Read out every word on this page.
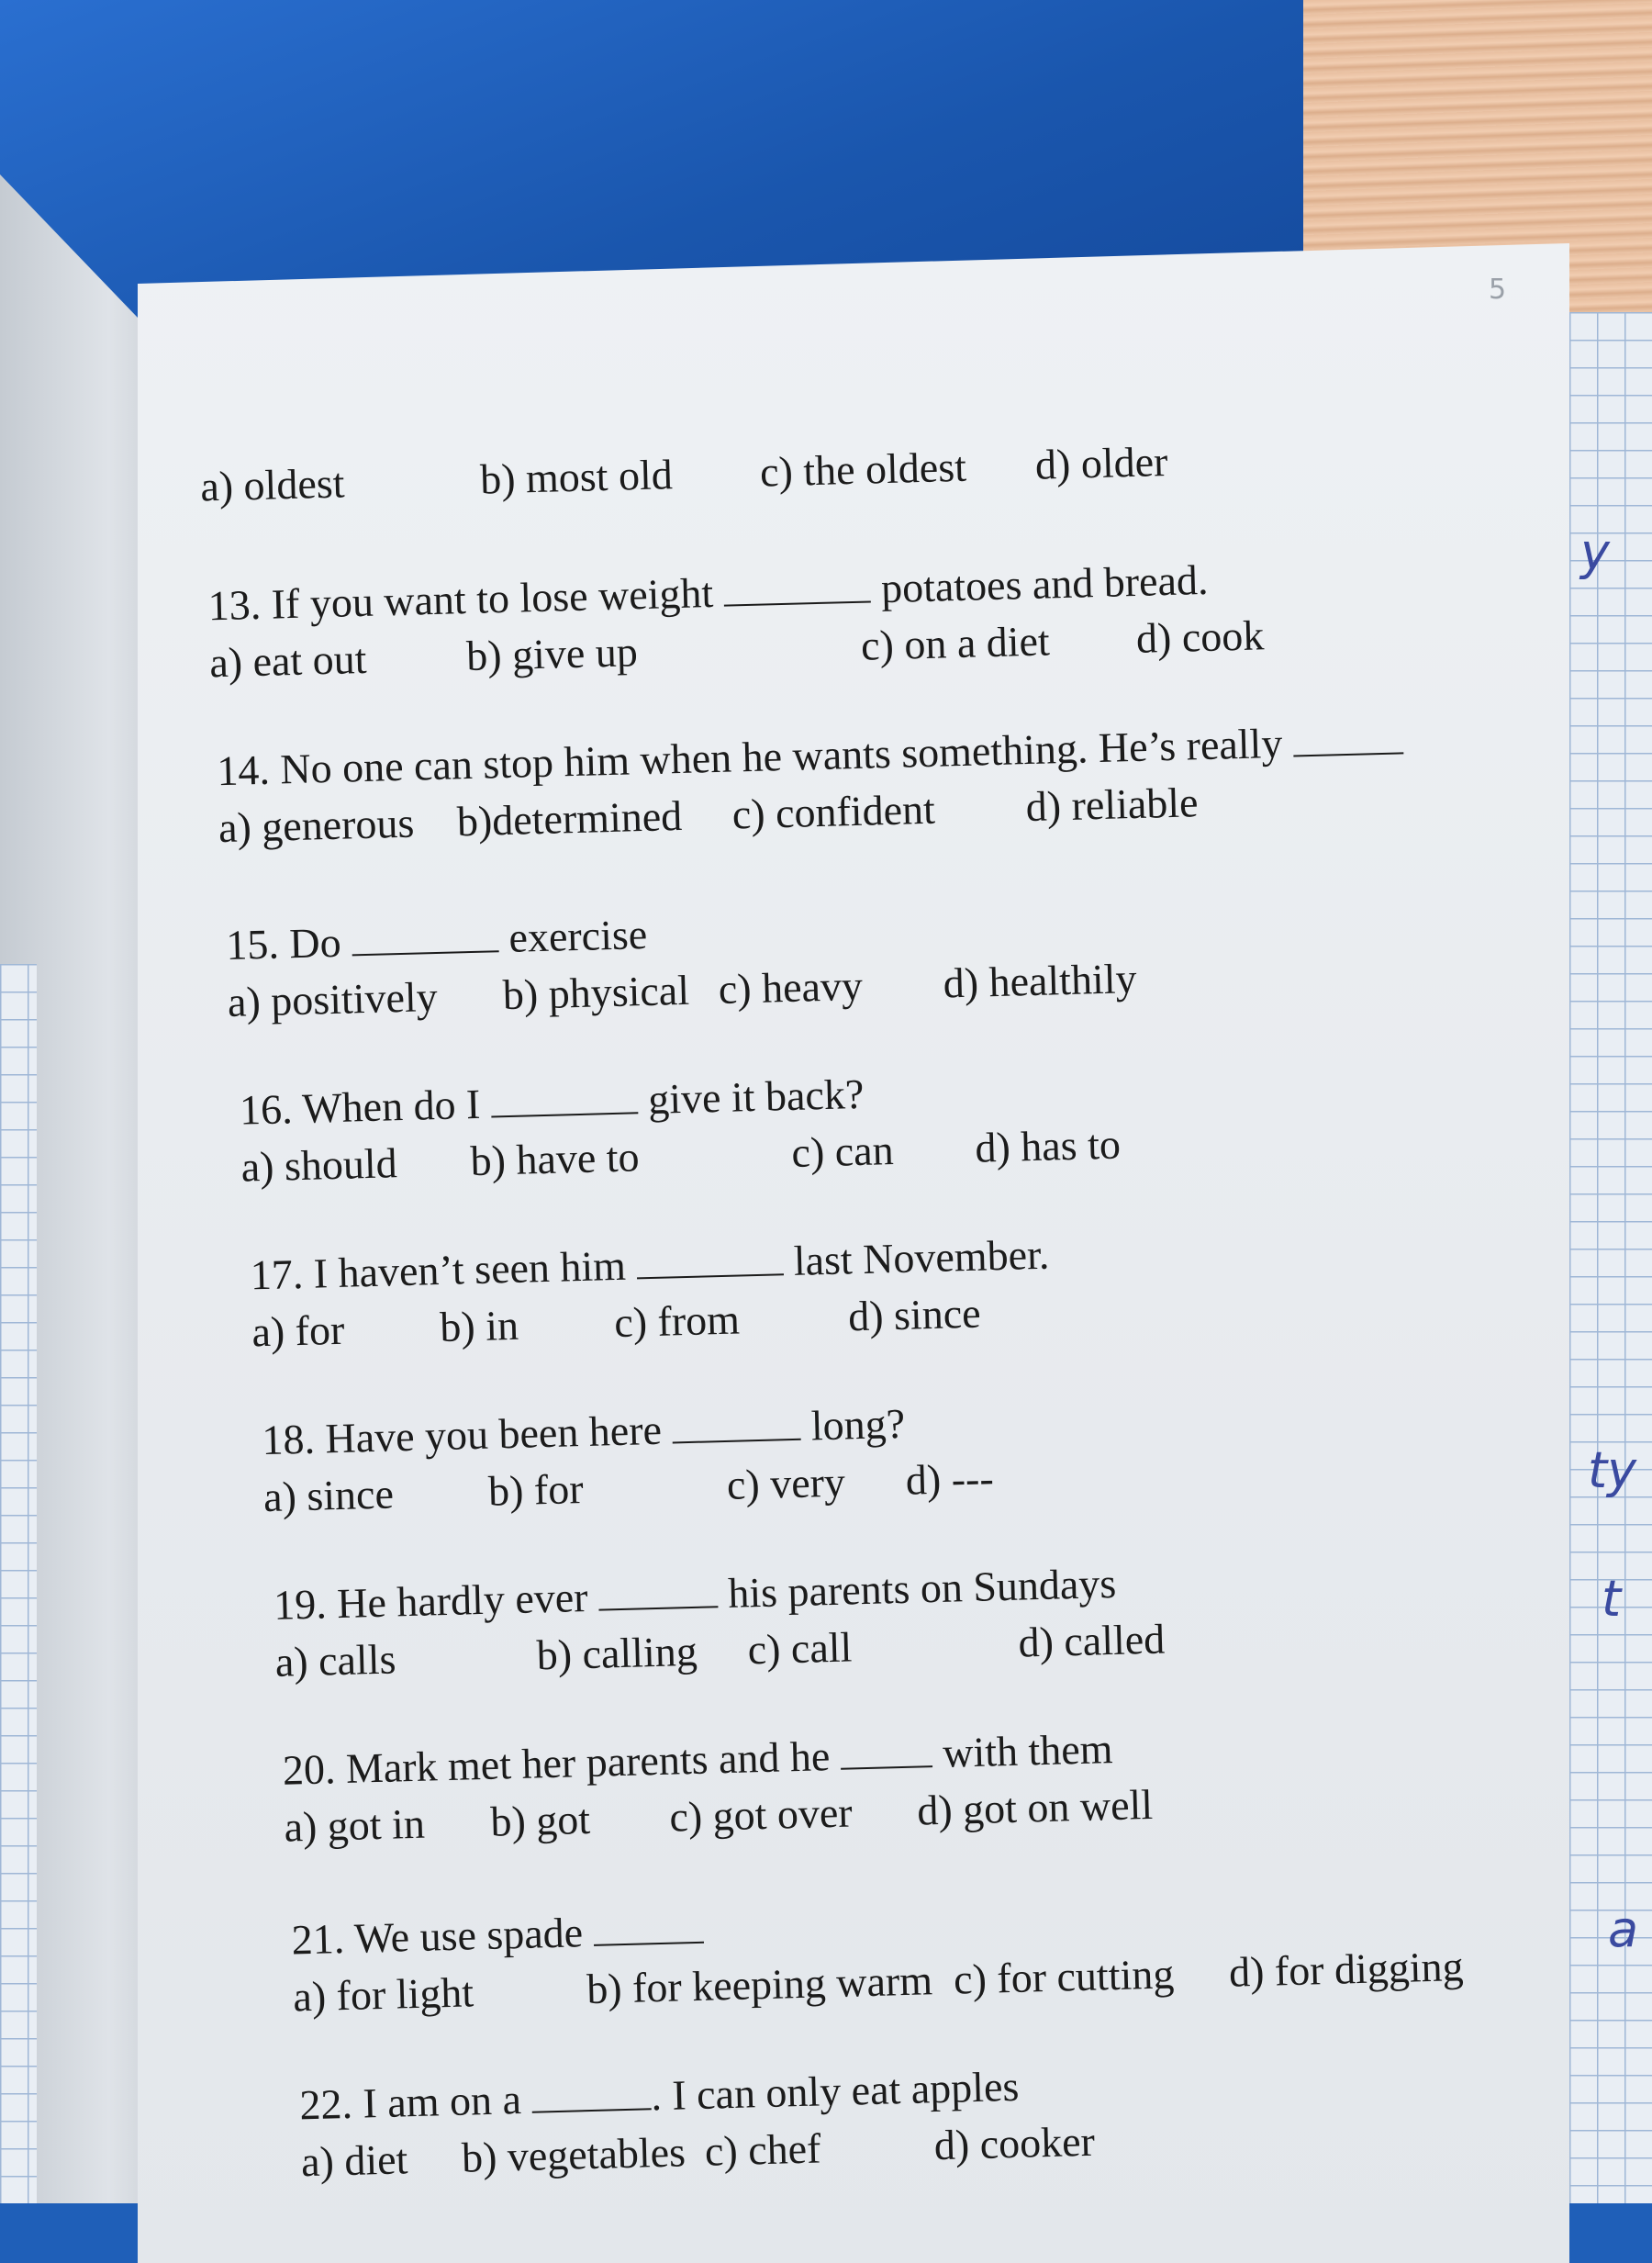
5
a) oldest	b) most old c) the oldest d) older
13. If you want to lose weight	potatoes and bread.
a) eat out b) give up	c) on a diet d) cook
14. No one can stop him when he wants something. He’s really
a) generous b)determined c) confident d) reliable
15. Do	exercise
a) positively b) physical c) heavy d) healthily
16. When do I	give it back?
a) should b) have to	c) can d) has to
17. I haven’t seen him	last November.
a) for b) in c) from	d) since
18. Have you been here	long?
a) since b) for	c) very d) ---
19. He hardly ever	his parents on Sundays
a) calls	b) calling c) call	d) called
20. Mark met her parents and he	with them
a) got in b) got c) got over d) got on well
21. We use spade
a) for light	b) for keeping warm c) for cutting d) for digging
22. I am on a	. I can only eat apples
a) diet b) vegetables c) chef	d) cooker
y
ty
t
a
